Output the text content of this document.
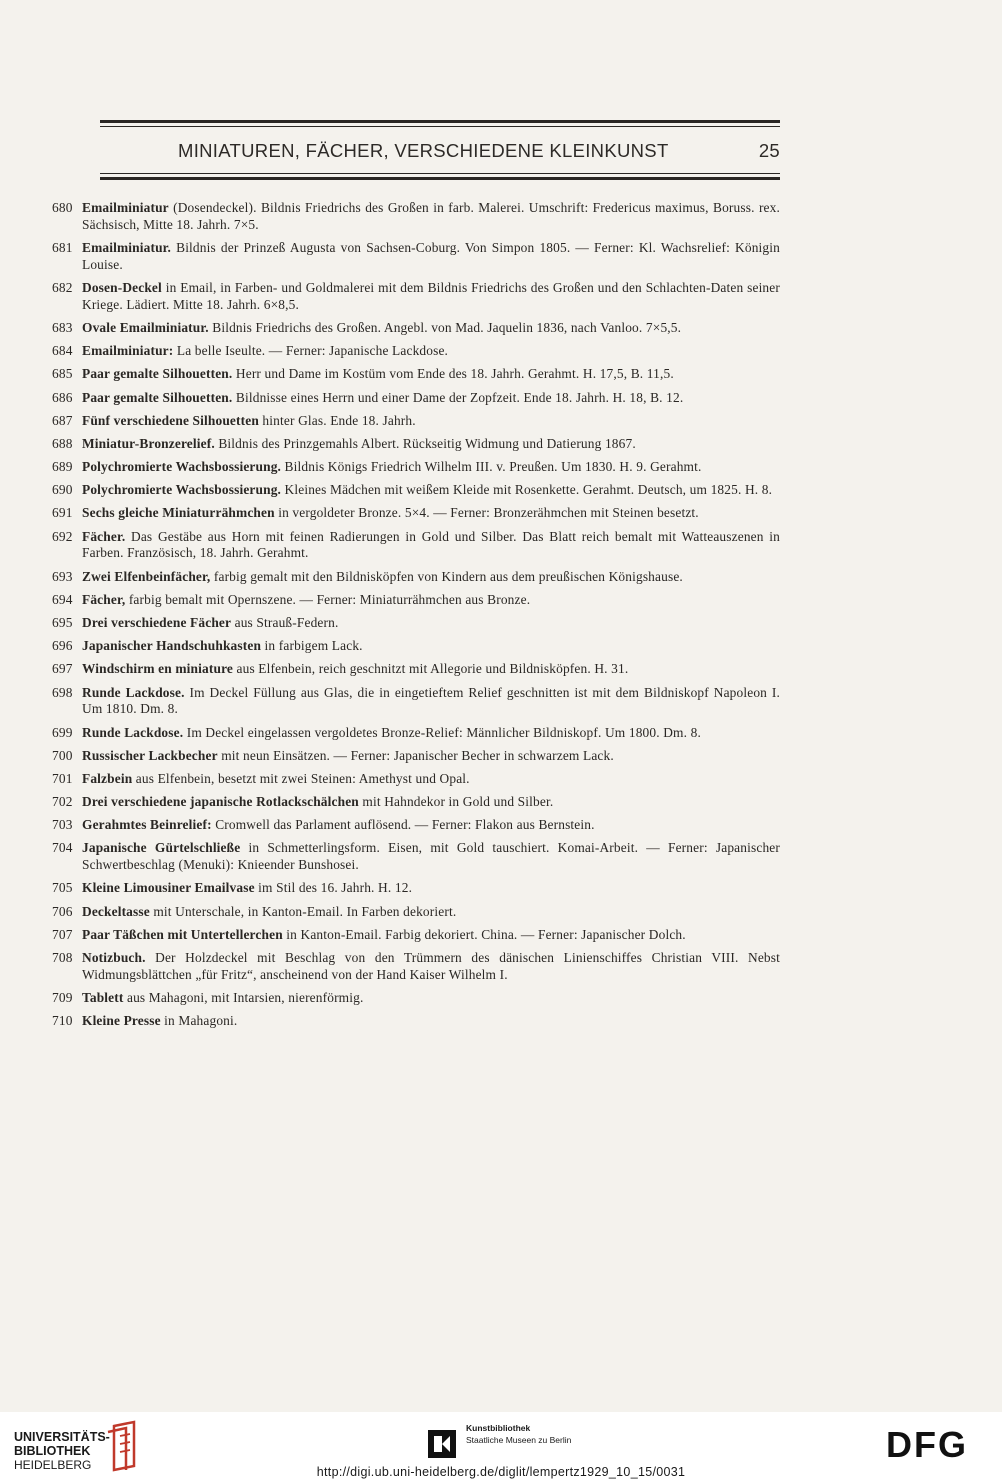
MINIATUREN, FÄCHER, VERSCHIEDENE KLEINKUNST	25
680 Emailminiatur (Dosendeckel). Bildnis Friedrichs des Großen in farb. Malerei. Umschrift: Fredericus maximus, Boruss. rex. Sächsisch, Mitte 18. Jahrh. 7×5.
681 Emailminiatur. Bildnis der Prinzeß Augusta von Sachsen-Coburg. Von Simpon 1805. — Ferner: Kl. Wachsrelief: Königin Louise.
682 Dosen-Deckel in Email, in Farben- und Goldmalerei mit dem Bildnis Friedrichs des Großen und den Schlachten-Daten seiner Kriege. Lädiert. Mitte 18. Jahrh. 6×8,5.
683 Ovale Emailminiatur. Bildnis Friedrichs des Großen. Angebl. von Mad. Jaquelin 1836, nach Vanloo. 7×5,5.
684 Emailminiatur: La belle Iseulte. — Ferner: Japanische Lackdose.
685 Paar gemalte Silhouetten. Herr und Dame im Kostüm vom Ende des 18. Jahrh. Gerahmt. H. 17,5, B. 11,5.
686 Paar gemalte Silhouetten. Bildnisse eines Herrn und einer Dame der Zopfzeit. Ende 18. Jahrh. H. 18, B. 12.
687 Fünf verschiedene Silhouetten hinter Glas. Ende 18. Jahrh.
688 Miniatur-Bronzerelief. Bildnis des Prinzgemahls Albert. Rückseitig Widmung und Datierung 1867.
689 Polychromierte Wachsbossierung. Bildnis Königs Friedrich Wilhelm III. v. Preußen. Um 1830. H. 9. Gerahmt.
690 Polychromierte Wachsbossierung. Kleines Mädchen mit weißem Kleide mit Rosenkette. Gerahmt. Deutsch, um 1825. H. 8.
691 Sechs gleiche Miniaturrähmchen in vergoldeter Bronze. 5×4. — Ferner: Bronzerähmchen mit Steinen besetzt.
692 Fächer. Das Gestäbe aus Horn mit feinen Radierungen in Gold und Silber. Das Blatt reich bemalt mit Watteauszenen in Farben. Französisch, 18. Jahrh. Gerahmt.
693 Zwei Elfenbeinfächer, farbig gemalt mit den Bildnisköpfen von Kindern aus dem preußischen Königshause.
694 Fächer, farbig bemalt mit Opernszene. — Ferner: Miniaturrähmchen aus Bronze.
695 Drei verschiedene Fächer aus Strauß-Federn.
696 Japanischer Handschuhkasten in farbigem Lack.
697 Windschirm en miniature aus Elfenbein, reich geschnitzt mit Allegorie und Bildnisköpfen. H. 31.
698 Runde Lackdose. Im Deckel Füllung aus Glas, die in eingetieftem Relief geschnitten ist mit dem Bildniskopf Napoleon I. Um 1810. Dm. 8.
699 Runde Lackdose. Im Deckel eingelassen vergoldetes Bronze-Relief: Männlicher Bildniskopf. Um 1800. Dm. 8.
700 Russischer Lackbecher mit neun Einsätzen. — Ferner: Japanischer Becher in schwarzem Lack.
701 Falzbein aus Elfenbein, besetzt mit zwei Steinen: Amethyst und Opal.
702 Drei verschiedene japanische Rotlackschälchen mit Hahndekor in Gold und Silber.
703 Gerahmtes Beinrelief: Cromwell das Parlament auflösend. — Ferner: Flakon aus Bernstein.
704 Japanische Gürtelschließe in Schmetterlingsform. Eisen, mit Gold tauschiert. Komai-Arbeit. — Ferner: Japanischer Schwertbeschlag (Menuki): Knieender Bunshosei.
705 Kleine Limousiner Emailvase im Stil des 16. Jahrh. H. 12.
706 Deckeltasse mit Unterschale, in Kanton-Email. In Farben dekoriert.
707 Paar Täßchen mit Untertellerchen in Kanton-Email. Farbig dekoriert. China. — Ferner: Japanischer Dolch.
708 Notizbuch. Der Holzdeckel mit Beschlag von den Trümmern des dänischen Linienschiffes Christian VIII. Nebst Widmungsblättchen „für Fritz“, anscheinend von der Hand Kaiser Wilhelm I.
709 Tablett aus Mahagoni, mit Intarsien, nierenförmig.
710 Kleine Presse in Mahagoni.
UNIVERSITÄTS-
BIBLIOTHEK
HEIDELBERG
Kunstbibliothek
Staatliche Museen zu Berlin	DFG
http://digi.ub.uni-heidelberg.de/diglit/lempertz1929_10_15/0031
